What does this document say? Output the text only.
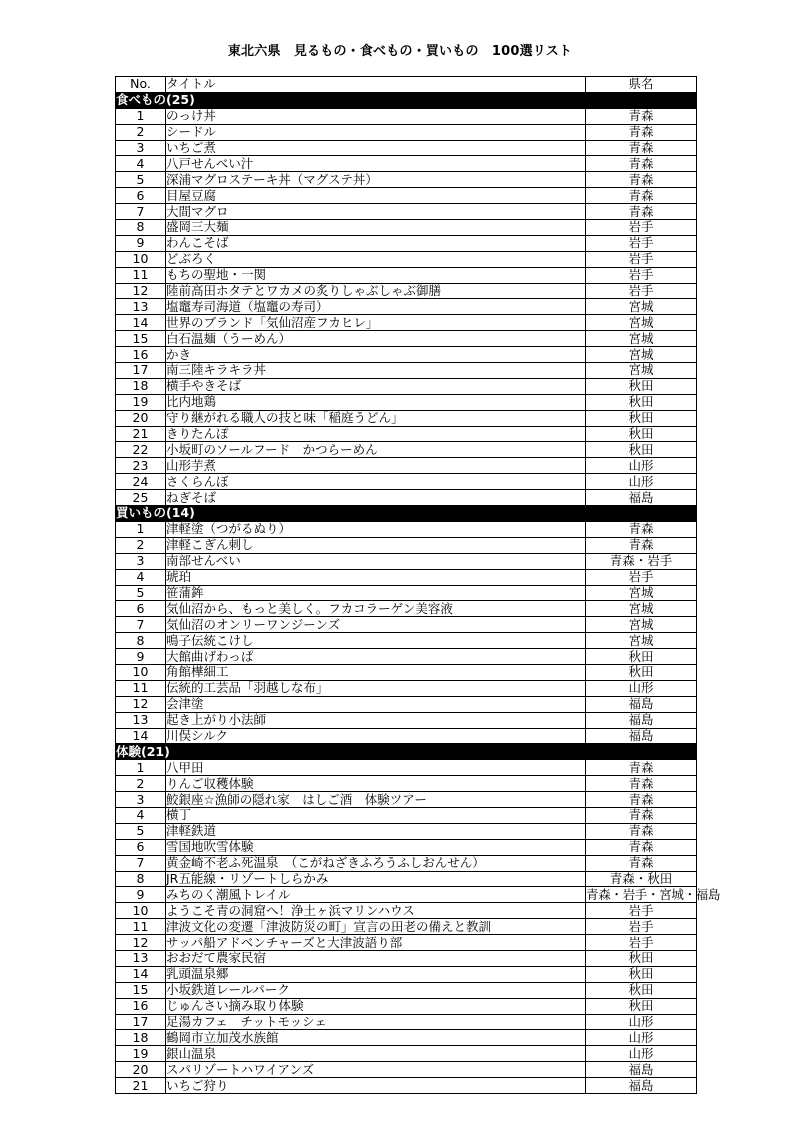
東北六県　見るもの・食べもの・買いもの　100選リスト
No.	タイトル	県名
食べもの(25)		
1	のっけ丼	青森
2	シードル	青森
3	いちご煮	青森
4	八戸せんべい汁	青森
5	深浦マグロステーキ丼（マグステ丼）	青森
6	目屋豆腐	青森
7	大間マグロ	青森
8	盛岡三大麺	岩手
9	わんこそば	岩手
10	どぶろく	岩手
11	もちの聖地・一関	岩手
12	陸前高田ホタテとワカメの炙りしゃぶしゃぶ御膳	岩手
13	塩竈寿司海道（塩竈の寿司）	宮城
14	世界のブランド「気仙沼産フカヒレ」	宮城
15	白石温麺（うーめん）	宮城
16	かき	宮城
17	南三陸キラキラ丼	宮城
18	横手やきそば	秋田
19	比内地鶏	秋田
20	守り継がれる職人の技と味「稲庭うどん」	秋田
21	きりたんぽ	秋田
22	小坂町のソールフード　かつらーめん	秋田
23	山形芋煮	山形
24	さくらんぼ	山形
25	ねぎそば	福島
買いもの(14)		
1	津軽塗（つがるぬり）	青森
2	津軽こぎん刺し	青森
3	南部せんべい	青森・岩手
4	琥珀	岩手
5	笹蒲鉾	宮城
6	気仙沼から、もっと美しく。フカコラーゲン美容液	宮城
7	気仙沼のオンリーワンジーンズ	宮城
8	鳴子伝統こけし	宮城
9	大館曲げわっぱ	秋田
10	角館樺細工	秋田
11	伝統的工芸品「羽越しな布」	山形
12	会津塗	福島
13	起き上がり小法師	福島
14	川俣シルク	福島
体験(21)		
1	八甲田	青森
2	りんご収穫体験	青森
3	鮫銀座☆漁師の隠れ家　はしご酒　体験ツアー	青森
4	横丁	青森
5	津軽鉄道	青森
6	雪国地吹雪体験	青森
7	黄金崎不老ふ死温泉　（こがねざきふろうふしおんせん）	青森
8	JR五能線・リゾートしらかみ	青森・秋田
9	みちのく潮風トレイル	青森・岩手・宮城・福島
10	ようこそ青の洞窟へ！浄土ヶ浜マリンハウス	岩手
11	津波文化の変遷「津波防災の町」宣言の田老の備えと教訓	岩手
12	サッパ船アドベンチャーズと大津波語り部	岩手
13	おおだて農家民宿	秋田
14	乳頭温泉郷	秋田
15	小坂鉄道レールパーク	秋田
16	じゅんさい摘み取り体験	秋田
17	足湯カフェ　チットモッシェ	山形
18	鶴岡市立加茂水族館	山形
19	銀山温泉	山形
20	スパリゾートハワイアンズ	福島
21	いちご狩り	福島
